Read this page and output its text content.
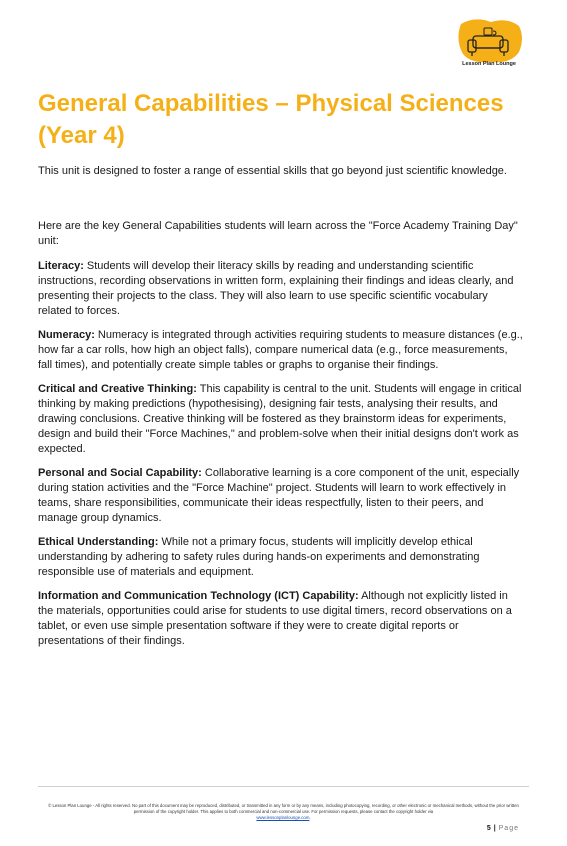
Lesson Plan Lounge
General Capabilities – Physical Sciences (Year 4)

This unit is designed to foster a range of essential skills that go beyond just scientific knowledge.

Here are the key General Capabilities students will learn across the "Force Academy Training Day" unit:

Literacy: Students will develop their literacy skills by reading and understanding scientific instructions, recording observations in written form, explaining their findings and ideas clearly, and presenting their projects to the class. They will also learn to use specific scientific vocabulary related to forces.

Numeracy: Numeracy is integrated through activities requiring students to measure distances (e.g., how far a car rolls, how high an object falls), compare numerical data (e.g., force measurements, fall times), and potentially create simple tables or graphs to organise their findings.

Critical and Creative Thinking: This capability is central to the unit. Students will engage in critical thinking by making predictions (hypothesising), designing fair tests, analysing their results, and drawing conclusions. Creative thinking will be fostered as they brainstorm ideas for experiments, design and build their "Force Machines," and problem-solve when their initial designs don't work as expected.

Personal and Social Capability: Collaborative learning is a core component of the unit, especially during station activities and the "Force Machine" project. Students will learn to work effectively in teams, share responsibilities, communicate their ideas respectfully, listen to their peers, and manage group dynamics.

Ethical Understanding: While not a primary focus, students will implicitly develop ethical understanding by adhering to safety rules during hands-on experiments and demonstrating responsible use of materials and equipment.

Information and Communication Technology (ICT) Capability: Although not explicitly listed in the materials, opportunities could arise for students to use digital timers, record observations on a tablet, or even use simple presentation software if they were to create digital reports or presentations of their findings.

© Lesson Plan Lounge - All rights reserved. No part of this document may be reproduced, distributed, or transmitted in any form or by any means, including photocopying, recording, or other electronic or mechanical methods, without the prior written permission of the copyright holder. This applies to both commercial and non-commercial use. For permission requests, please contact the copyright holder via
www.lessonplanlounge.com.
5 | Page
